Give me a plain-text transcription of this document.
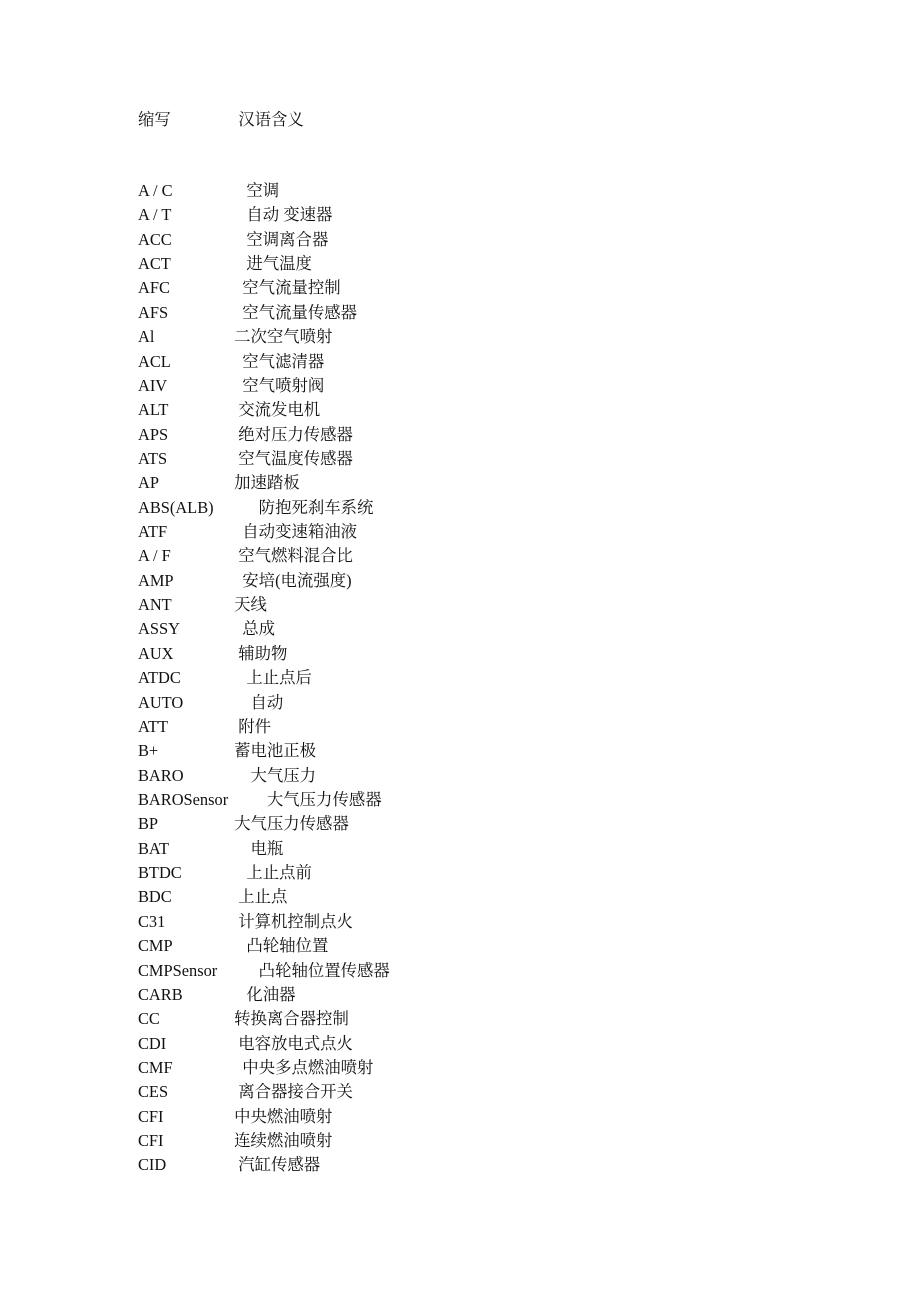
缩写	汉语含义
A / C	空调
A / T	自动 变速器
ACC	空调离合器
ACT	进气温度
AFC	空气流量控制
AFS	空气流量传感器
Al	二次空气喷射
ACL	空气滤清器
AIV	空气喷射阀
ALT	交流发电机
APS	绝对压力传感器
ATS	空气温度传感器
AP	加速踏板
ABS(ALB)       防抱死刹车系统
ATF	自动变速箱油液
A / F	空气燃料混合比
AMP	安培(电流强度)
ANT	天线
ASSY	总成
AUX	辅助物
ATDC	上止点后
AUTO	自动
ATT	附件
B+	蓄电池正极
BARO	大气压力
BAROSensor         大气压力传感器
BP	大气压力传感器
BAT	电瓶
BTDC	上止点前
BDC	上止点
C31	计算机控制点火
CMP	凸轮轴位置
CMPSensor       凸轮轴位置传感器
CARB	化油器
CC	转换离合器控制
CDI	电容放电式点火
CMF	中央多点燃油喷射
CES	离合器接合开关
CFI	中央燃油喷射
CFI	连续燃油喷射
CID	汽缸传感器
